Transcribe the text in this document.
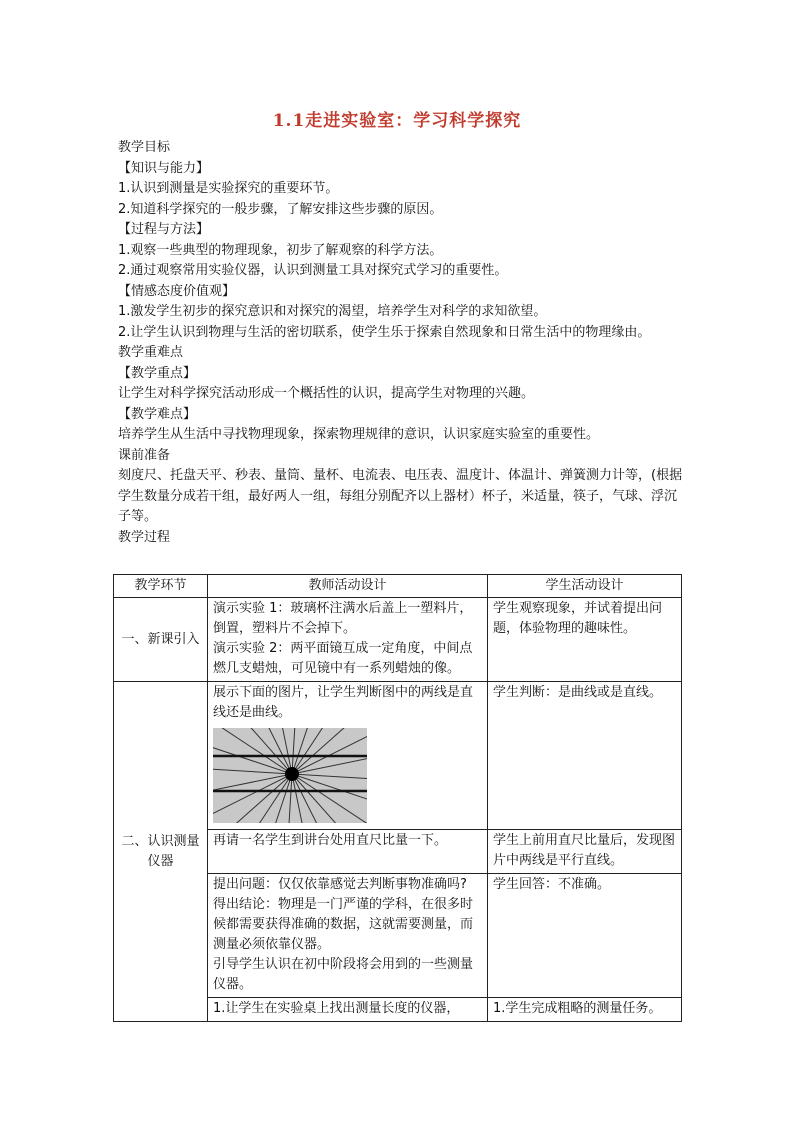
1.1走进实验室：学习科学探究

教学目标

【知识与能力】

1.认识到测量是实验探究的重要环节。

2.知道科学探究的一般步骤，了解安排这些步骤的原因。

【过程与方法】

1.观察一些典型的物理现象，初步了解观察的科学方法。

2.通过观察常用实验仪器，认识到测量工具对探究式学习的重要性。

【情感态度价值观】

1.激发学生初步的探究意识和对探究的渴望，培养学生对科学的求知欲望。

2.让学生认识到物理与生活的密切联系，使学生乐于探索自然现象和日常生活中的物理缘由。

教学重难点

【教学重点】

让学生对科学探究活动形成一个概括性的认识，提高学生对物理的兴趣。

【教学难点】

培养学生从生活中寻找物理现象，探索物理规律的意识，认识家庭实验室的重要性。

课前准备

刻度尺、托盘天平、秒表、量筒、量杯、电流表、电压表、温度计、体温计、弹簧测力计等，(根据学生数量分成若干组，最好两人一组，每组分别配齐以上器材）杯子，米适量，筷子，气球、浮沉子等。

教学过程

教学环节	教师活动设计	学生活动设计
一、新课引入	演示实验 1：玻璃杯注满水后盖上一塑料片，倒置，塑料片不会掉下。
演示实验 2：两平面镜互成一定角度，中间点燃几支蜡烛，可见镜中有一系列蜡烛的像。	学生观察现象，并试着提出问题，体验物理的趣味性。
二、认识测量仪器	展示下面的图片，让学生判断图中的两线是直线还是曲线。	学生判断：是曲线或是直线。
	再请一名学生到讲台处用直尺比量一下。	学生上前用直尺比量后，发现图片中两线是平行直线。

	提出问题：仅仅依靠感觉去判断事物准确吗?
得出结论：物理是一门严谨的学科，在很多时候都需要获得准确的数据，这就需要测量，而测量必须依靠仪器。
引导学生认识在初中阶段将会用到的一些测量仪器。	学生回答：不准确。
	1.让学生在实验桌上找出测量长度的仪器，	1.学生完成粗略的测量任务。
